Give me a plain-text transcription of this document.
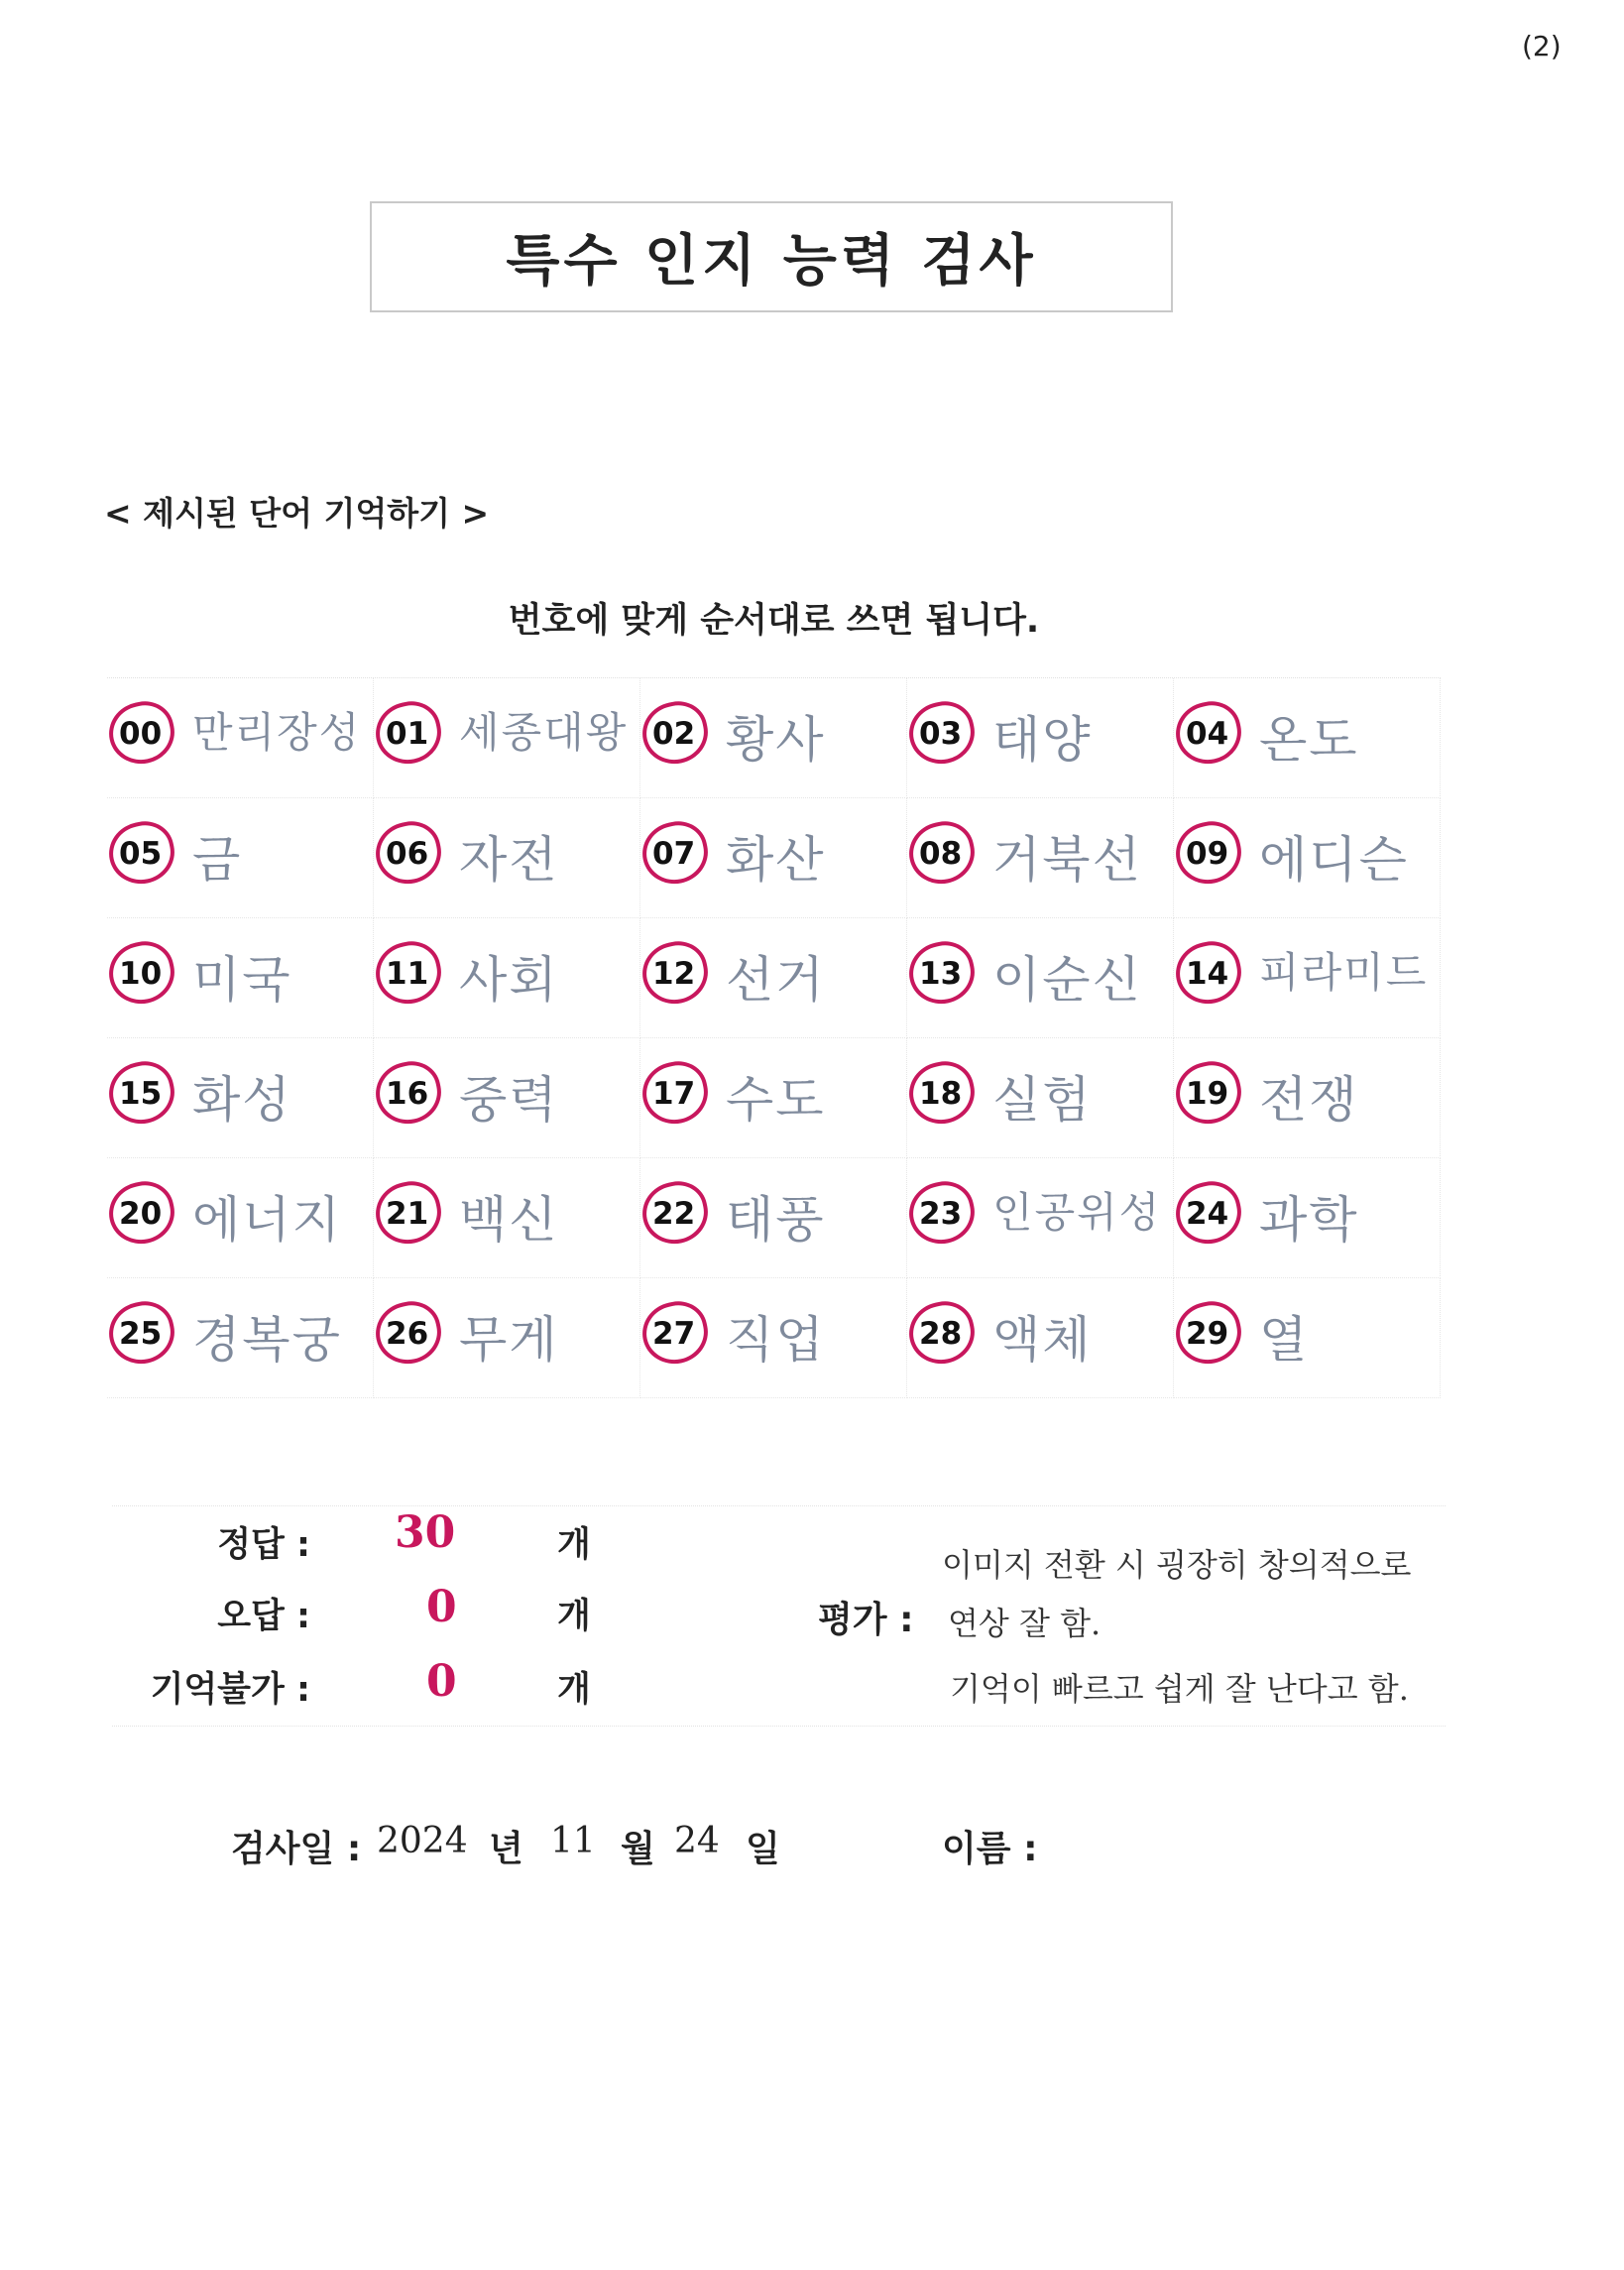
(2)
특수 인지 능력 검사
< 제시된 단어 기억하기 >
번호에 맞게 순서대로 쓰면 됩니다.
00 만리장성 01 세종대왕 02 황사	03 태양	04 온도
05 금	06 자전	07 화산	08 거북선 09 에디슨
10 미국	11 사회	12 선거	13 이순신 14 피라미드
15 화성	16 중력	17 수도	18 실험	19 전쟁
20 에너지 21 백신	22 태풍	23 인공위성 24 과학
25 경복궁 26 무게	27 직업	28 액체	29 열
정답 : 30	개
오답 :	0	개
기억불가 :	0	개
평가 :
이미지 전환 시 굉장히 창의적으로
연상 잘 함.
기억이 빠르고 쉽게 잘 난다고 함.
검사일 : 2024 년 11 월 24 일	이름 :
